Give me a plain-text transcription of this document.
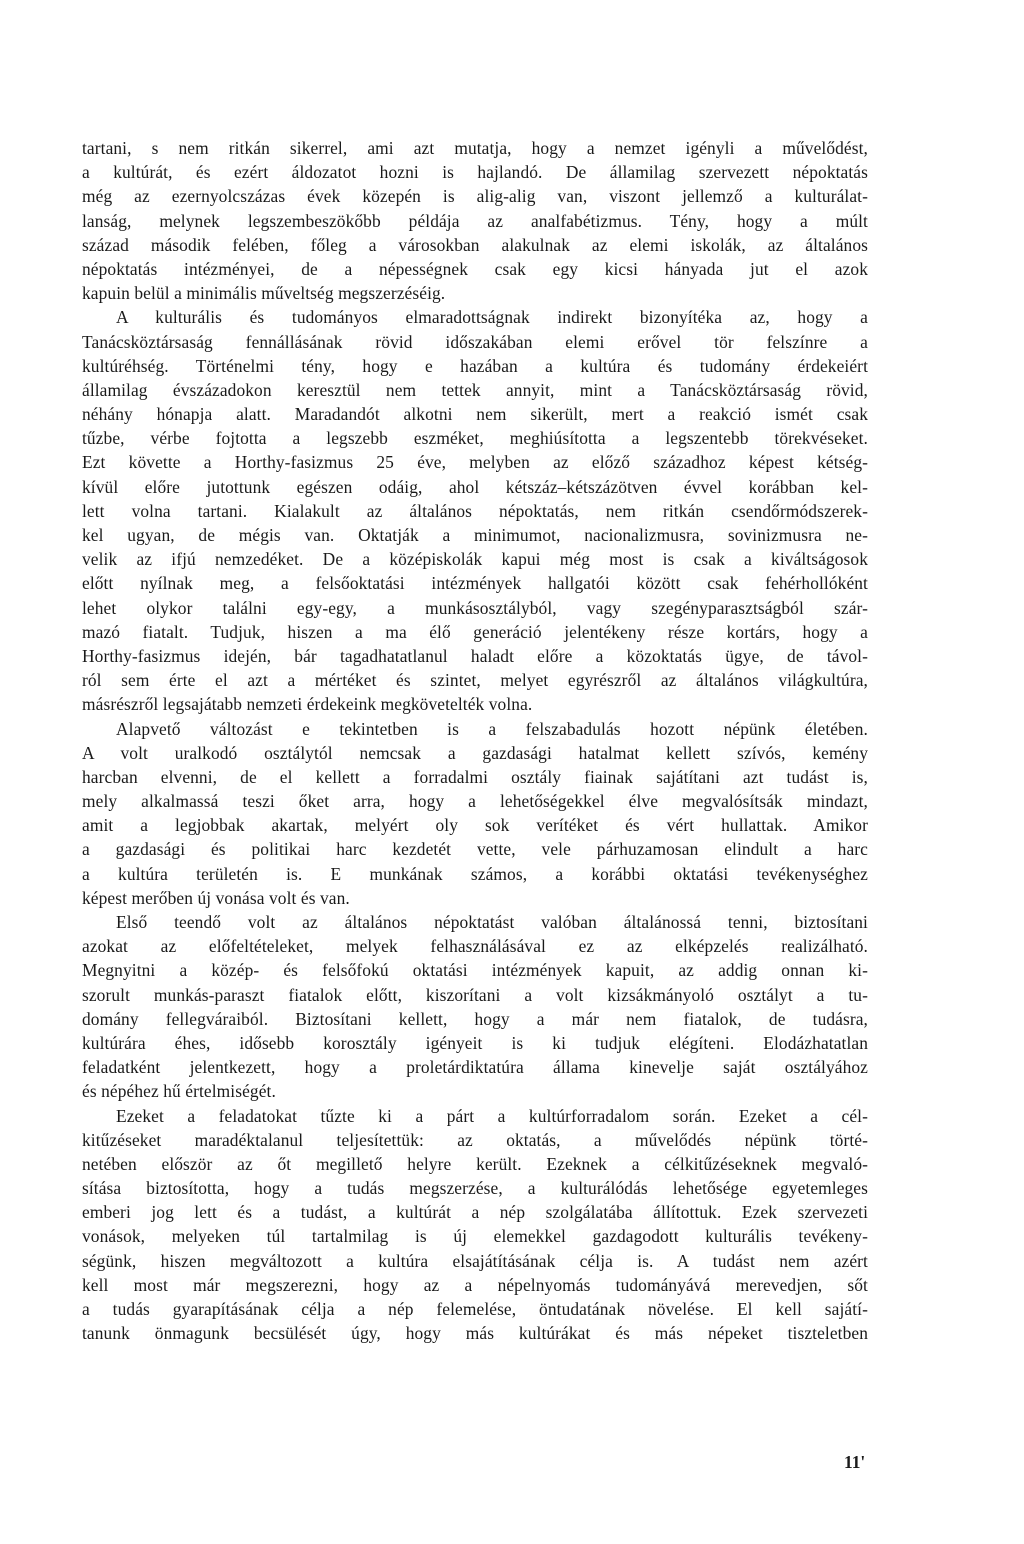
tartani, s nem ritkán sikerrel, ami azt mutatja, hogy a nemzet igényli a művelődést,
a kultúrát, és ezért áldozatot hozni is hajlandó. De államilag szervezett népoktatás
még az ezernyolcszázas évek közepén is alig-alig van, viszont jellemző a kulturálat-
lanság, melynek legszembeszökőbb példája az analfabétizmus. Tény, hogy a múlt
század második felében, főleg a városokban alakulnak az elemi iskolák, az általános
népoktatás intézményei, de a népességnek csak egy kicsi hányada jut el azok
kapuin belül a minimális műveltség megszerzéséig.
A kulturális és tudományos elmaradottságnak indirekt bizonyítéka az, hogy a
Tanácsköztársaság fennállásának rövid időszakában elemi erővel tör felszínre a
kultúréhség. Történelmi tény, hogy e hazában a kultúra és tudomány érdekeiért
államilag évszázadokon keresztül nem tettek annyit, mint a Tanácsköztársaság rövid,
néhány hónapja alatt. Maradandót alkotni nem sikerült, mert a reakció ismét csak
tűzbe, vérbe fojtotta a legszebb eszméket, meghiúsította a legszentebb törekvéseket.
Ezt követte a Horthy-fasizmus 25 éve, melyben az előző századhoz képest kétség-
kívül előre jutottunk egészen odáig, ahol kétszáz–kétszázötven évvel korábban kel-
lett volna tartani. Kialakult az általános népoktatás, nem ritkán csendőrmódszerek-
kel ugyan, de mégis van. Oktatják a minimumot, nacionalizmusra, sovinizmusra ne-
velik az ifjú nemzedéket. De a középiskolák kapui még most is csak a kiváltságosok
előtt nyílnak meg, a felsőoktatási intézmények hallgatói között csak fehérhollóként
lehet olykor találni egy-egy, a munkásosztályból, vagy szegényparasztságból szár-
mazó fiatalt. Tudjuk, hiszen a ma élő generáció jelentékeny része kortárs, hogy a
Horthy-fasizmus idején, bár tagadhatatlanul haladt előre a közoktatás ügye, de távol-
ról sem érte el azt a mértéket és szintet, melyet egyrészről az általános világkultúra,
másrészről legsajátabb nemzeti érdekeink megkövetelték volna.
Alapvető változást e tekintetben is a felszabadulás hozott népünk életében.
A volt uralkodó osztálytól nemcsak a gazdasági hatalmat kellett szívós, kemény
harcban elvenni, de el kellett a forradalmi osztály fiainak sajátítani azt tudást is,
mely alkalmassá teszi őket arra, hogy a lehetőségekkel élve megvalósítsák mindazt,
amit a legjobbak akartak, melyért oly sok verítéket és vért hullattak. Amikor
a gazdasági és politikai harc kezdetét vette, vele párhuzamosan elindult a harc
a kultúra területén is. E munkának számos, a korábbi oktatási tevékenységhez
képest merőben új vonása volt és van.
Első teendő volt az általános népoktatást valóban általánossá tenni, biztosítani
azokat az előfeltételeket, melyek felhasználásával ez az elképzelés realizálható.
Megnyitni a közép- és felsőfokú oktatási intézmények kapuit, az addig onnan ki-
szorult munkás-paraszt fiatalok előtt, kiszorítani a volt kizsákmányoló osztályt a tu-
domány fellegváraiból. Biztosítani kellett, hogy a már nem fiatalok, de tudásra,
kultúrára éhes, idősebb korosztály igényeit is ki tudjuk elégíteni. Elodázhatatlan
feladatként jelentkezett, hogy a proletárdiktatúra állama kinevelje saját osztályához
és népéhez hű értelmiségét.
Ezeket a feladatokat tűzte ki a párt a kultúrforradalom során. Ezeket a cél-
kitűzéseket maradéktalanul teljesítettük: az oktatás, a művelődés népünk törté-
netében először az őt megillető helyre került. Ezeknek a célkitűzéseknek megvaló-
sítása biztosította, hogy a tudás megszerzése, a kulturálódás lehetősége egyetemleges
emberi jog lett és a tudást, a kultúrát a nép szolgálatába állítottuk. Ezek szervezeti
vonások, melyeken túl tartalmilag is új elemekkel gazdagodott kulturális tevékeny-
ségünk, hiszen megváltozott a kultúra elsajátításának célja is. A tudást nem azért
kell most már megszerezni, hogy az a népelnyomás tudományává merevedjen, sőt
a tudás gyarapításának célja a nép felemelése, öntudatának növelése. El kell sajátí-
tanunk önmagunk becsülését úgy, hogy más kultúrákat és más népeket tiszteletben
11'
